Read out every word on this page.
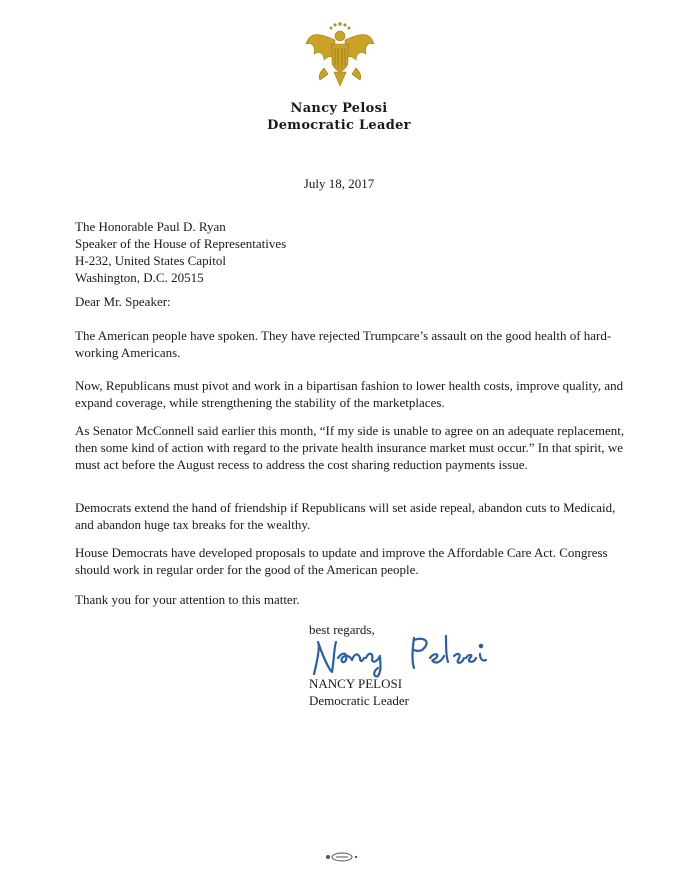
Nancy Pelosi
Democratic Leader
July 18, 2017

The Honorable Paul D. Ryan

Speaker of the House of Representatives

H-232, United States Capitol

Washington, D.C. 20515

Dear Mr. Speaker:
The American people have spoken. They have rejected Trumpcare’s assault on the good health of hard-working Americans.
Now, Republicans must pivot and work in a bipartisan fashion to lower health costs, improve quality, and expand coverage, while strengthening the stability of the marketplaces.
As Senator McConnell said earlier this month, “If my side is unable to agree on an adequate replacement, then some kind of action with regard to the private health insurance market must occur.” In that spirit, we must act before the August recess to address the cost sharing reduction payments issue.
Democrats extend the hand of friendship if Republicans will set aside repeal, abandon cuts to Medicaid, and abandon huge tax breaks for the wealthy.
House Democrats have developed proposals to update and improve the Affordable Care Act. Congress should work in regular order for the good of the American people.
Thank you for your attention to this matter.
best regards,
NANCY PELOSI
Democratic Leader
